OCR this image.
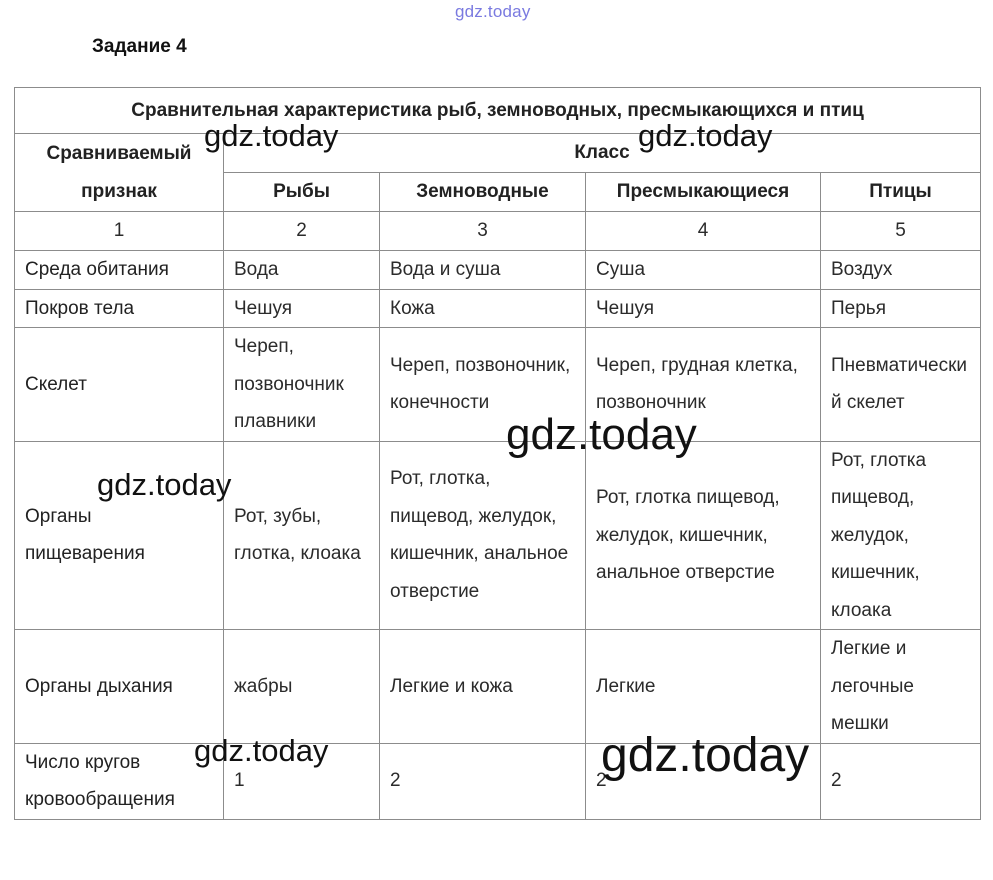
gdz.today
Задание 4
Сравнительная характеристика рыб, земноводных, пресмыкающихся и птиц				
Сравниваемый признак	Класс			
	Рыбы	Земноводные	Пресмыкающиеся	Птицы
1	2	3	4	5
Среда обитания	Вода	Вода и суша	Суша	Воздух
Покров тела	Чешуя	Кожа	Чешуя	Перья
Скелет	Череп, позвоночник плавники	Череп, позвоночник, конечности	Череп, грудная клетка, позвоночник	Пневматический скелет
Органы пищеварения	Рот, зубы, глотка, клоака	Рот, глотка, пищевод, желудок, кишечник, анальное отверстие	Рот, глотка пищевод, желудок, кишечник, анальное отверстие	Рот, глотка пищевод, желудок, кишечник, клоака
Органы дыхания	жабры	Легкие и кожа	Легкие	Легкие и легочные мешки
Число кругов кровообращения	1	2	2	2
gdz.today	gdz.today
gdz.today
gdz.today
gdz.today	gdz.today
